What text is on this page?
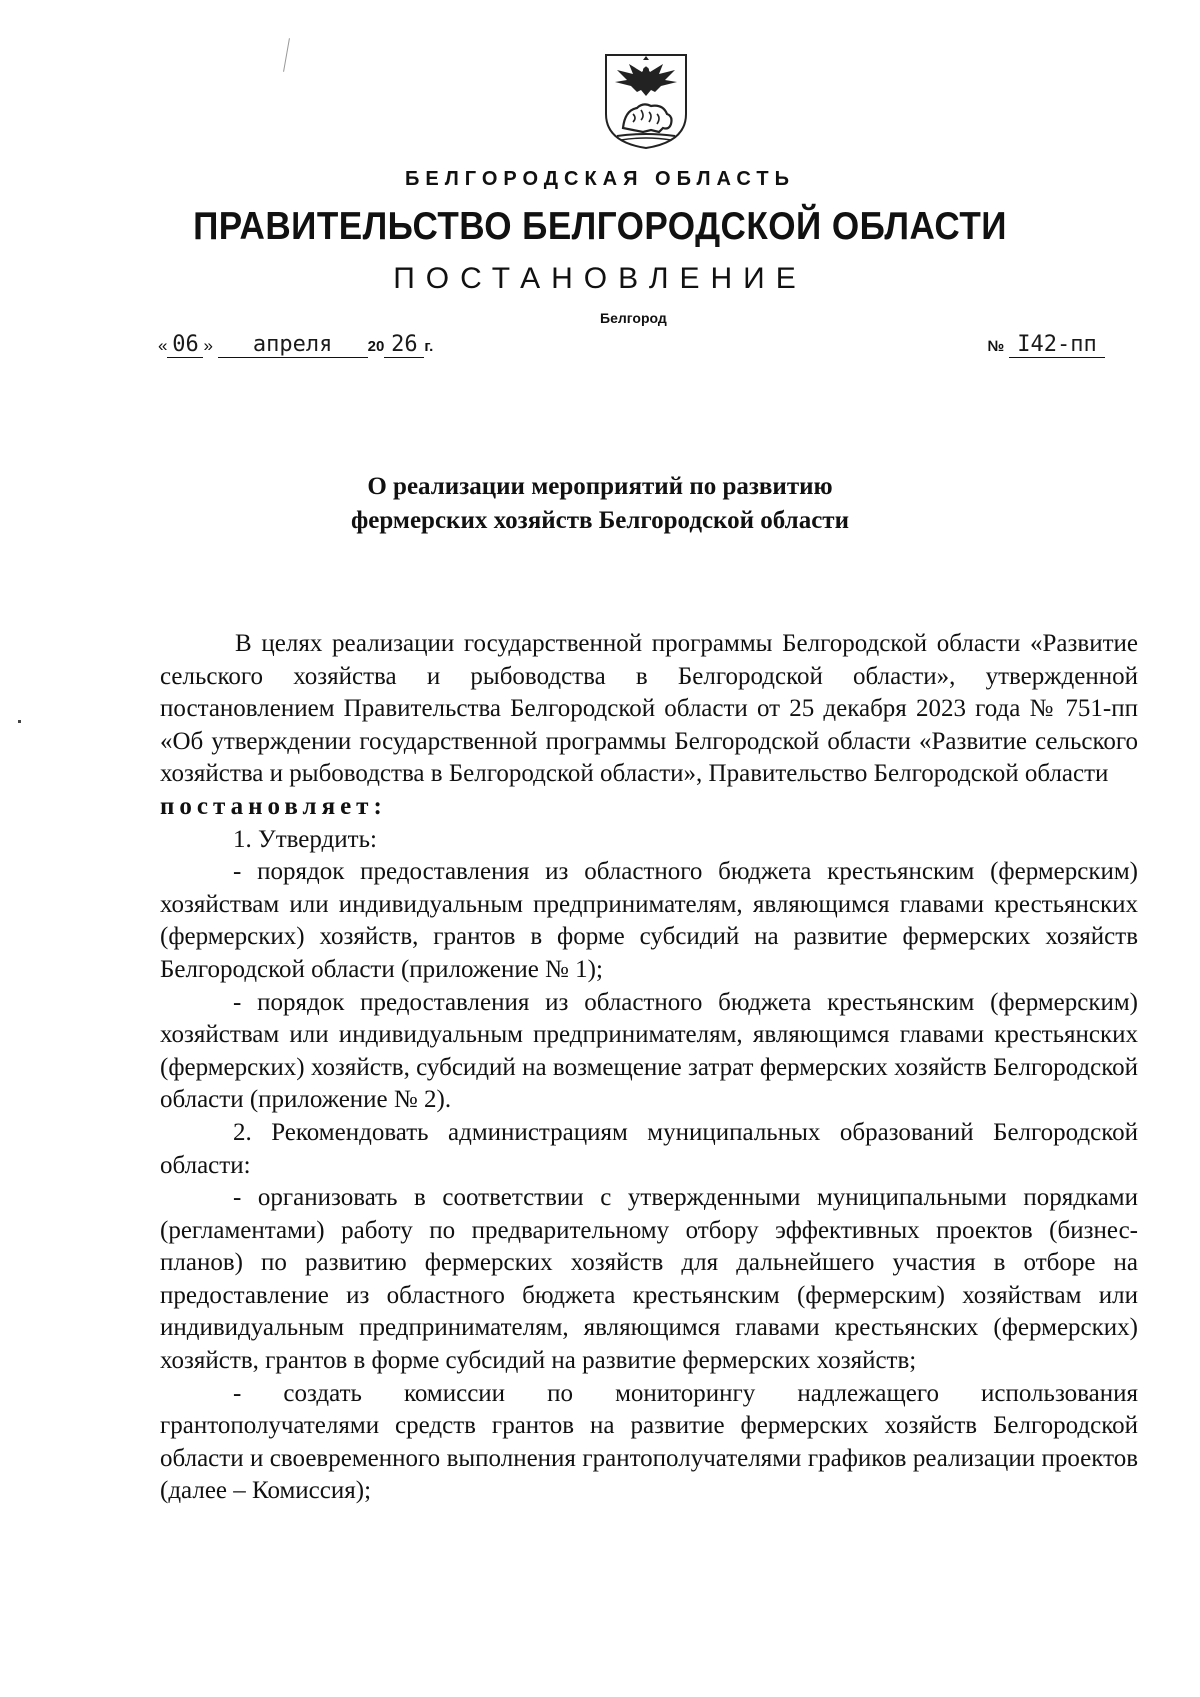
БЕЛГОРОДСКАЯ ОБЛАСТЬ
ПРАВИТЕЛЬСТВО БЕЛГОРОДСКОЙ ОБЛАСТИ
ПОСТАНОВЛЕНИЕ
Белгород
« 06 » апреля 20 26 г.	№ I42-пп
О реализации мероприятий по развитию
фермерских хозяйств Белгородской области

В целях реализации государственной программы Белгородской области «Развитие сельского хозяйства и рыбоводства в Белгородской области», утвержденной постановлением Правительства Белгородской области от 25 декабря 2023 года № 751-пп «Об утверждении государственной программы Белгородской области «Развитие сельского хозяйства и рыбоводства в Белгородской области», Правительство Белгородской области

постановляет:

1. Утвердить:

- порядок предоставления из областного бюджета крестьянским (фермерским) хозяйствам или индивидуальным предпринимателям, являющимся главами крестьянских (фермерских) хозяйств, грантов в форме субсидий на развитие фермерских хозяйств Белгородской области (приложение № 1);

- порядок предоставления из областного бюджета крестьянским (фермерским) хозяйствам или индивидуальным предпринимателям, являющимся главами крестьянских (фермерских) хозяйств, субсидий на возмещение затрат фермерских хозяйств Белгородской области (приложение № 2).

2. Рекомендовать администрациям муниципальных образований Белгородской области:

- организовать в соответствии с утвержденными муниципальными порядками (регламентами) работу по предварительному отбору эффективных проектов (бизнес-планов) по развитию фермерских хозяйств для дальнейшего участия в отборе на предоставление из областного бюджета крестьянским (фермерским) хозяйствам или индивидуальным предпринимателям, являющимся главами крестьянских (фермерских) хозяйств, грантов в форме субсидий на развитие фермерских хозяйств;

- создать комиссии по мониторингу надлежащего использования грантополучателями средств грантов на развитие фермерских хозяйств Белгородской области и своевременного выполнения грантополучателями графиков реализации проектов (далее – Комиссия);
